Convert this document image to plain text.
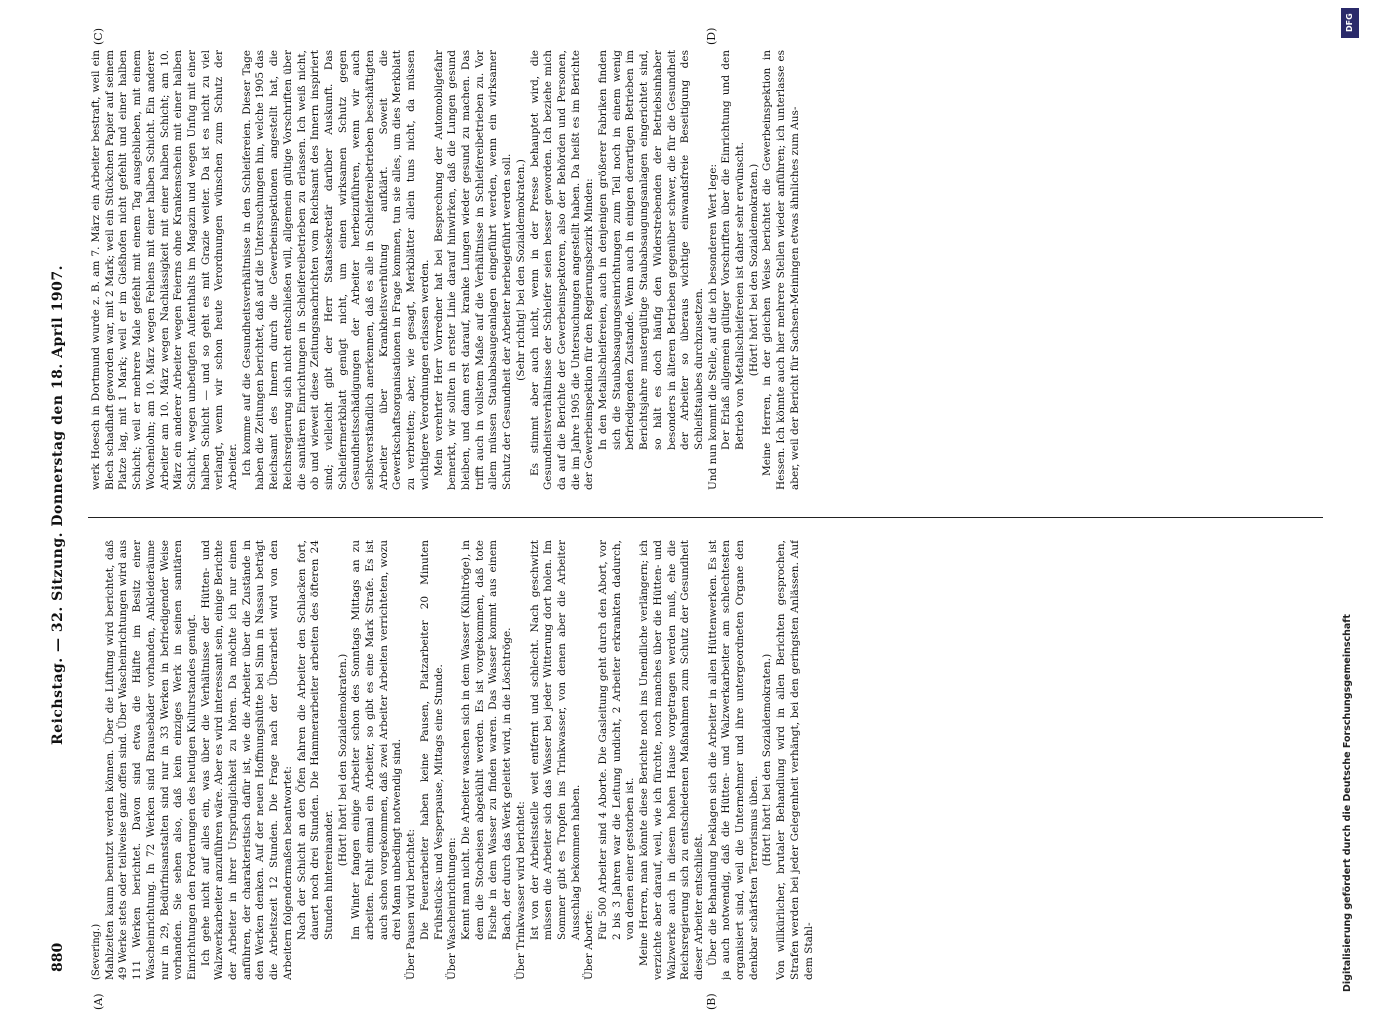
880
Reichstag. — 32. Sitzung. Donnerstag den 18. April 1907.
(A)	(B)
(C)	(D)

(Severing.) Mahlzeiten kaum benutzt werden können. Über die Lüftung wird berichtet, daß 49 Werke stets oder teilweise ganz offen sind. Über Wascheinrichtungen wird aus 111 Werken berichtet. Davon sind etwa die Hälfte im Besitz einer Wascheinrichtung. In 72 Werken sind Brausebäder vorhanden, Ankleideräume nur in 29, Bedürfnisanstalten sind nur in 33 Werken in befriedigender Weise vorhanden. Sie sehen also, daß kein einziges Werk in seinen sanitären Einrichtungen den Forderungen des heutigen Kulturstandes genügt. Ich gehe nicht auf alles ein, was über die Verhältnisse der Hütten- und Walzwerkarbeiter anzuführen wäre. Aber es wird interessant sein, einige Berichte der Arbeiter in ihrer Ursprünglichkeit zu hören. Da möchte ich nur einen anführen, der charakteristisch dafür ist, wie die Arbeiter über die Zustände in den Werken denken. Auf der neuen Hoffnungshütte bei Sinn in Nassau beträgt die Arbeitszeit 12 Stunden. Die Frage nach der Überarbeit wird von den Arbeitern folgendermaßen beantwortet: Nach der Schicht an den Öfen fahren die Arbeiter den Schlacken fort, dauert noch drei Stunden. Die Hammerarbeiter arbeiten des öfteren 24 Stunden hintereinander.

(Hört! hört! bei den Sozialdemokraten.) Im Winter fangen einige Arbeiter schon des Sonntags Mittags an zu arbeiten. Fehlt einmal ein Arbeiter, so gibt es eine Mark Strafe. Es ist auch schon vorgekommen, daß zwei Arbeiter Arbeiten verrichteten, wozu drei Mann unbedingt notwendig sind. Über Pausen wird berichtet: Die Feuerarbeiter haben keine Pausen, Platzarbeiter 20 Minuten Frühstücks- und Vesperpause, Mittags eine Stunde. Über Wascheinrichtungen: Kennt man nicht. Die Arbeiter waschen sich in dem Wasser (Kühltröge), in dem die Stocheisen abgekühlt werden. Es ist vorgekommen, daß tote Fische in dem Wasser zu finden waren. Das Wasser kommt aus einem Bach, der durch das Werk geleitet wird, in die Löschtröge. Über Trinkwasser wird berichtet: Ist von der Arbeitsstelle weit entfernt und schlecht. Nach geschwitzt müssen die Arbeiter sich das Wasser bei jeder Witterung dort holen. Im Sommer gibt es Tropfen ins Trinkwasser, von denen aber die Arbeiter Ausschlag bekommen haben.

Über Aborte:

Für 500 Arbeiter sind 4 Aborte. Die Gasleitung geht durch den Abort, vor 2 bis 3 Jahren war die Leitung undicht, 2 Arbeiter erkrankten dadurch, von denen einer gestorben ist. Meine Herren, man könnte diese Berichte noch ins Unendliche verlängern; ich verzichte aber darauf, weil, wie ich fürchte, noch manches über die Hütten- und Walzwerke auch in diesem hohen Hause vorgetragen werden muß, ehe die Reichsregierung sich zu entschiedenen Maßnahmen zum Schutz der Gesundheit dieser Arbeiter entschließt. Über die Behandlung beklagen sich die Arbeiter in allen Hüttenwerken. Es ist ja auch notwendig, daß die Hütten- und Walzwerkarbeiter am schlechtesten organisiert sind, weil die Unternehmer und ihre untergeordneten Organe den denkbar schärfsten Terrorismus üben.

(Hört! hört! bei den Sozialdemokraten.) Von willkürlicher, brutaler Behandlung wird in allen Berichten gesprochen, Strafen werden bei jeder Gelegenheit verhängt, bei den geringsten Anlässen. Auf dem Stahl-

werk Hoesch in Dortmund wurde z. B. am 7. März ein Arbeiter bestraft, weil ein Blech schadhaft geworden war, mit 2 Mark; weil ein Stückchen Papier auf seinem Platze lag, mit 1 Mark; weil er im Gießhofen nicht gefehlt und einer halben Schicht; weil er mehrere Male gefehlt mit einem Tag ausgeblieben, mit einem Wochenlohn; am 10. März wegen Fehlens mit einer halben Schicht. Ein anderer Arbeiter am 10. März wegen Nachlässigkeit mit einer halben Schicht; am 10. März ein anderer Arbeiter wegen Feierns ohne Krankenschein mit einer halben Schicht, wegen unbefugten Aufenthalts im Magazin und wegen Unfug mit einer halben Schicht — und so geht es mit Grazie weiter. Da ist es nicht zu viel verlangt, wenn wir schon heute Verordnungen wünschen zum Schutz der Arbeiter. Ich komme auf die Gesundheitsverhältnisse in den Schleifereien. Dieser Tage haben die Zeitungen berichtet, daß auf die Untersuchungen hin, welche 1905 das Reichsamt des Innern durch die Gewerbeinspektionen angestellt hat, die Reichsregierung sich nicht entschließen will, allgemein gültige Vorschriften über die sanitären Einrichtungen in Schleifereibetrieben zu erlassen. Ich weiß nicht, ob und wieweit diese Zeitungsnachrichten vom Reichsamt des Innern inspiriert sind; vielleicht gibt der Herr Staatssekretär darüber Auskunft. Das Schleifermerkblatt genügt nicht, um einen wirksamen Schutz gegen Gesundheitsschädigungen der Arbeiter herbeizuführen, wenn wir auch selbstverständlich anerkennen, daß es alle in Schleifereibetrieben beschäftigten Arbeiter über Krankheitsverhütung aufklärt. Soweit die Gewerkschaftsorganisationen in Frage kommen, tun sie alles, um dies Merkblatt zu verbreiten; aber, wie gesagt, Merkblätter allein tuns nicht, da müssen wichtigere Verordnungen erlassen werden. Mein verehrter Herr Vorredner hat bei Besprechung der Automobilgefahr bemerkt, wir sollten in erster Linie darauf hinwirken, daß die Lungen gesund bleiben, und dann erst darauf, kranke Lungen wieder gesund zu machen. Das trifft auch in vollstem Maße auf die Verhältnisse in Schleifereibetrieben zu. Vor allem müssen Staubabsaugeanlagen eingeführt werden, wenn ein wirksamer Schutz der Gesundheit der Arbeiter herbeigeführt werden soll. (Sehr richtig! bei den Sozialdemokraten.) Es stimmt aber auch nicht, wenn in der Presse behauptet wird, die Gesundheitsverhältnisse der Schleifer seien besser geworden. Ich beziehe mich da auf die Berichte der Gewerbeinspektoren, also der Behörden und Personen, die im Jahre 1905 die Untersuchungen angestellt haben. Da heißt es im Berichte der Gewerbeinspektion für den Regierungsbezirk Minden: In den Metallschleifereien, auch in denjenigen größerer Fabriken finden sich die Staubabsaugungseinrichtungen zum Teil noch in einem wenig befriedigenden Zustande. Wenn auch in einigen derartigen Betrieben im Berichtsjahre mustergültige Staubabsaugungsanlagen eingerichtet sind, so hält es doch häufig den Widerstrebenden der Betriebsinhaber besonders in älteren Betrieben gegenüber schwer, die für die Gesundheit der Arbeiter so überaus wichtige einwandsfreie Beseitigung des Schleifstaubes durchzusetzen. Und nun kommt die Stelle, auf die ich besonderen Wert lege: Der Erlaß allgemein gültiger Vorschriften über die Einrichtung und den Betrieb von Metallschleifereien ist daher sehr erwünscht. (Hört! hört! bei den Sozialdemokraten.) Meine Herren, in der gleichen Weise berichtet die Gewerbeinspektion in Hessen. Ich könnte auch hier mehrere Stellen wieder anführen; ich unterlasse es aber, weil der Bericht für Sachsen-Meiningen etwas ähnliches zum Aus-

DFG
Digitalisierung gefördert durch die Deutsche Forschungsgemeinschaft
